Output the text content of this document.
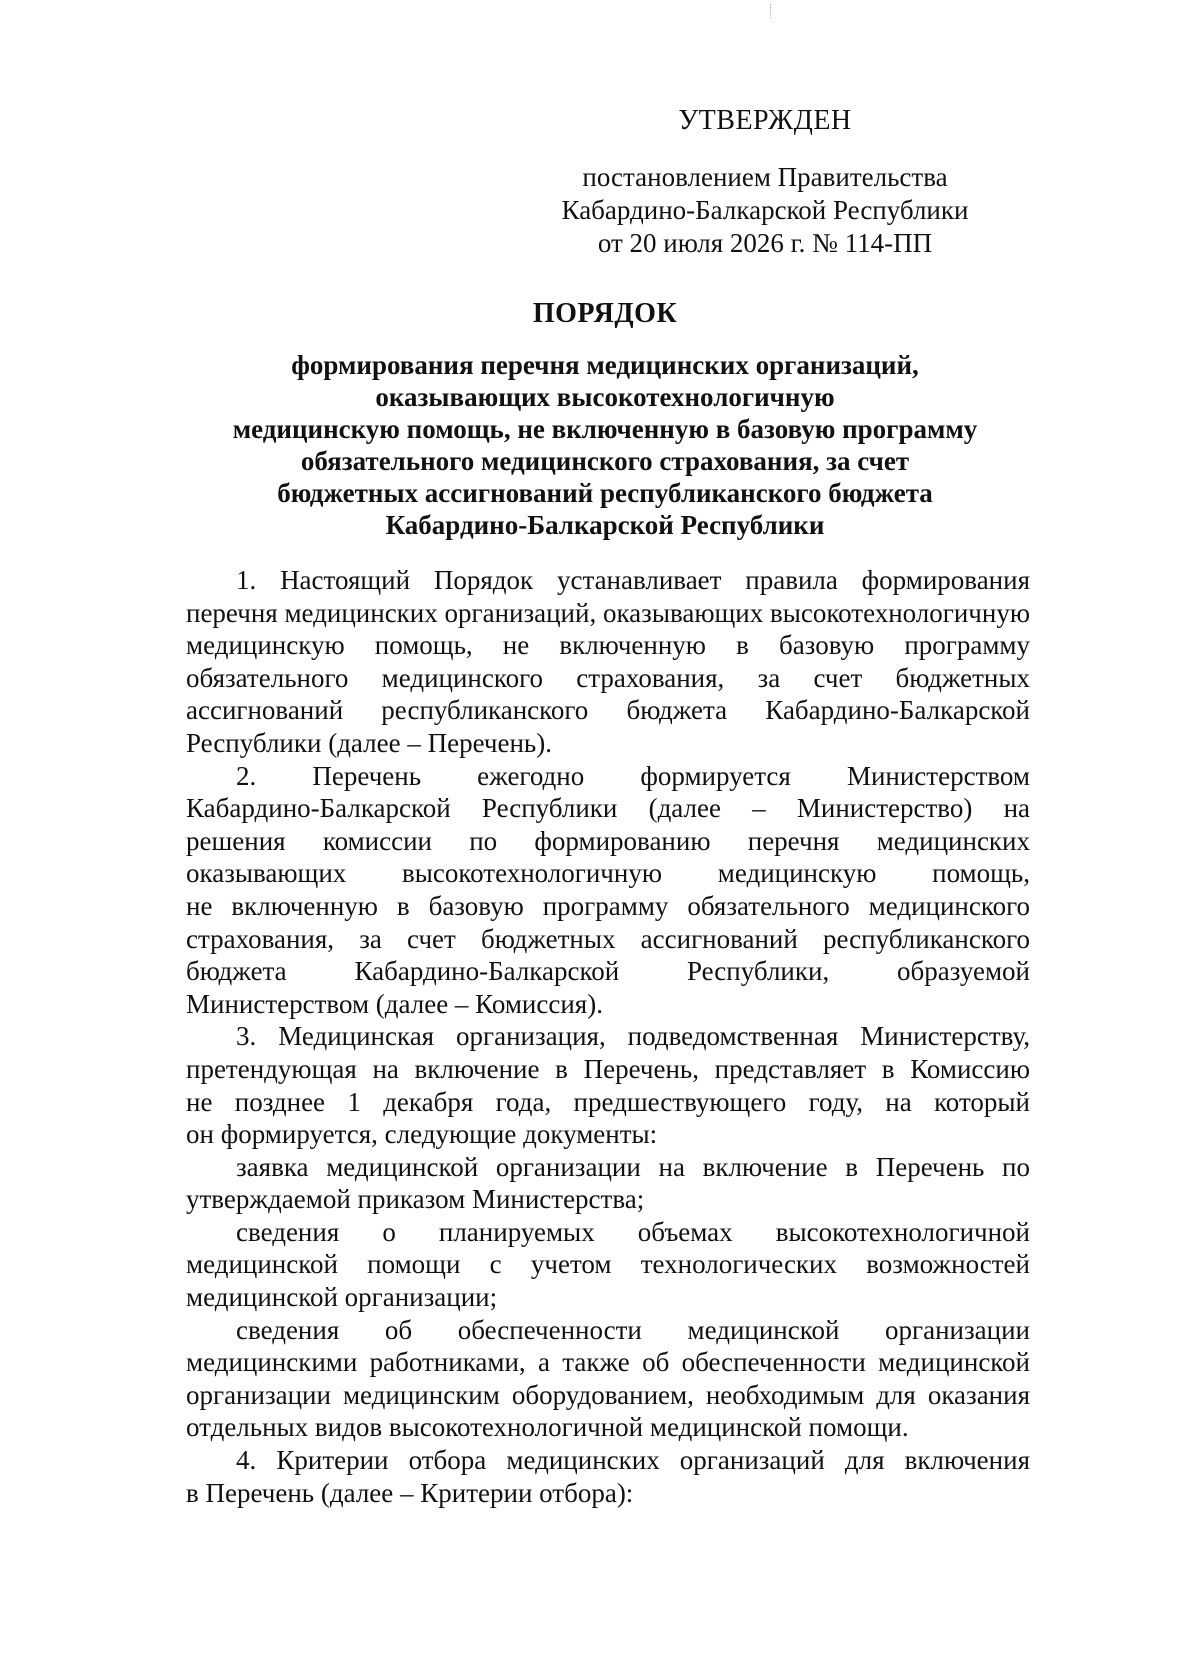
УТВЕРЖДЕН
постановлением Правительства
Кабардино-Балкарской Республики
от 20 июля 2026 г. № 114-ПП
ПОРЯДОК
формирования перечня медицинских организаций,
оказывающих высокотехнологичную
медицинскую помощь, не включенную в базовую программу
обязательного медицинского страхования, за счет
бюджетных ассигнований республиканского бюджета
Кабардино-Балкарской Республики

1. Настоящий Порядок устанавливает правила формирования
перечня медицинских организаций, оказывающих высокотехнологичную
медицинскую помощь, не включенную в базовую программу
обязательного медицинского страхования, за счет бюджетных
ассигнований республиканского бюджета Кабардино-Балкарской
Республики (далее – Перечень).

2. Перечень ежегодно формируется Министерством
Кабардино-Балкарской Республики (далее – Министерство) на
решения комиссии по формированию перечня медицинских
оказывающих высокотехнологичную медицинскую помощь,
не включенную в базовую программу обязательного медицинского
страхования, за счет бюджетных ассигнований республиканского
бюджета Кабардино-Балкарской Республики, образуемой
Министерством (далее – Комиссия).

3. Медицинская организация, подведомственная Министерству,
претендующая на включение в Перечень, представляет в Комиссию
не позднее 1 декабря года, предшествующего году, на который
он формируется, следующие документы:

заявка медицинской организации на включение в Перечень по
утверждаемой приказом Министерства;

сведения о планируемых объемах высокотехнологичной
медицинской помощи с учетом технологических возможностей
медицинской организации;

сведения об обеспеченности медицинской организации
медицинскими работниками, а также об обеспеченности медицинской
организации медицинским оборудованием, необходимым для оказания
отдельных видов высокотехнологичной медицинской помощи.

4. Критерии отбора медицинских организаций для включения
в Перечень (далее – Критерии отбора):
